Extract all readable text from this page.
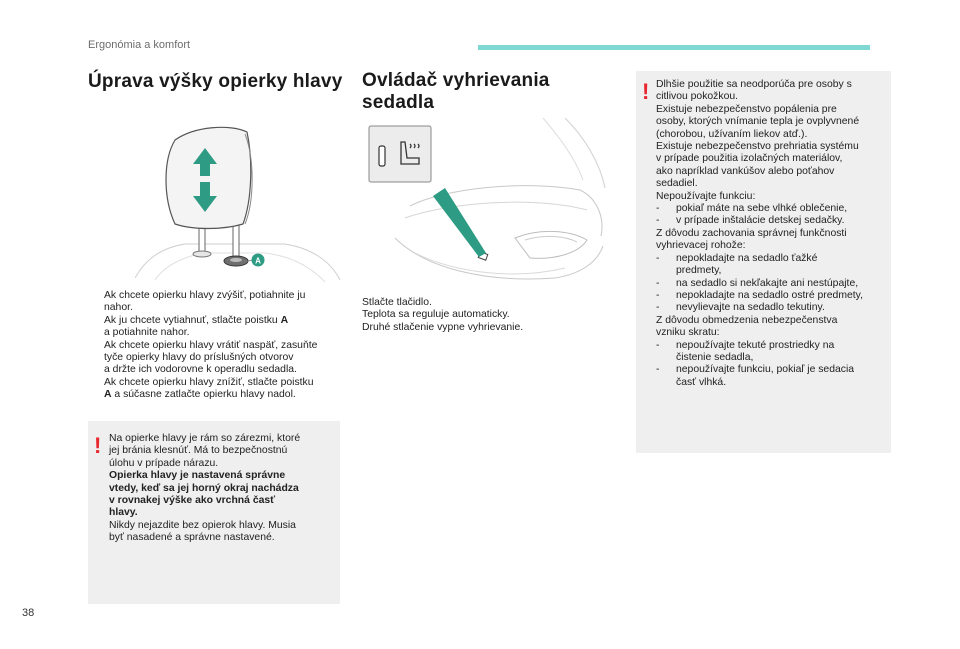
Ergonómia a komfort
Úprava výšky opierky hlavy
A
Ak chcete opierku hlavy zvýšiť, potiahnite ju
nahor.
Ak ju chcete vytiahnuť, stlačte poistku A
a potiahnite nahor.
Ak chcete opierku hlavy vrátiť naspäť, zasuňte
tyče opierky hlavy do príslušných otvorov
a držte ich vodorovne k operadlu sedadla.
Ak chcete opierku hlavy znížiť, stlačte poistku
A a súčasne zatlačte opierku hlavy nadol.
! Na opierke hlavy je rám so zárezmi, ktoré
jej bránia klesnúť. Má to bezpečnostnú
úlohu v prípade nárazu.
Opierka hlavy je nastavená správne
vtedy, keď sa jej horný okraj nachádza
v rovnakej výške ako vrchná časť
hlavy.
Nikdy nejazdite bez opierok hlavy. Musia
byť nasadené a správne nastavené.
Ovládač vyhrievania
sedadla
Stlačte tlačidlo.
Teplota sa reguluje automaticky.
Druhé stlačenie vypne vyhrievanie.
! Dlhšie použitie sa neodporúča pre osoby s
citlivou pokožkou.
Existuje nebezpečenstvo popálenia pre
osoby, ktorých vnímanie tepla je ovplyvnené
(chorobou, užívaním liekov atď.).
Existuje nebezpečenstvo prehriatia systému
v prípade použitia izolačných materiálov,
ako napríklad vankúšov alebo poťahov
sedadiel.
Nepoužívajte funkciu:
- pokiaľ máte na sebe vlhké oblečenie,
- v prípade inštalácie detskej sedačky.
Z dôvodu zachovania správnej funkčnosti
vyhrievacej rohože:
- nepokladajte na sedadlo ťažké
predmety,
- na sedadlo si nekľakajte ani nestúpajte,
- nepokladajte na sedadlo ostré predmety,
- nevylievajte na sedadlo tekutiny.
Z dôvodu obmedzenia nebezpečenstva
vzniku skratu:
- nepoužívajte tekuté prostriedky na
čistenie sedadla,
- nepoužívajte funkciu, pokiaľ je sedacia
časť vlhká.
38
